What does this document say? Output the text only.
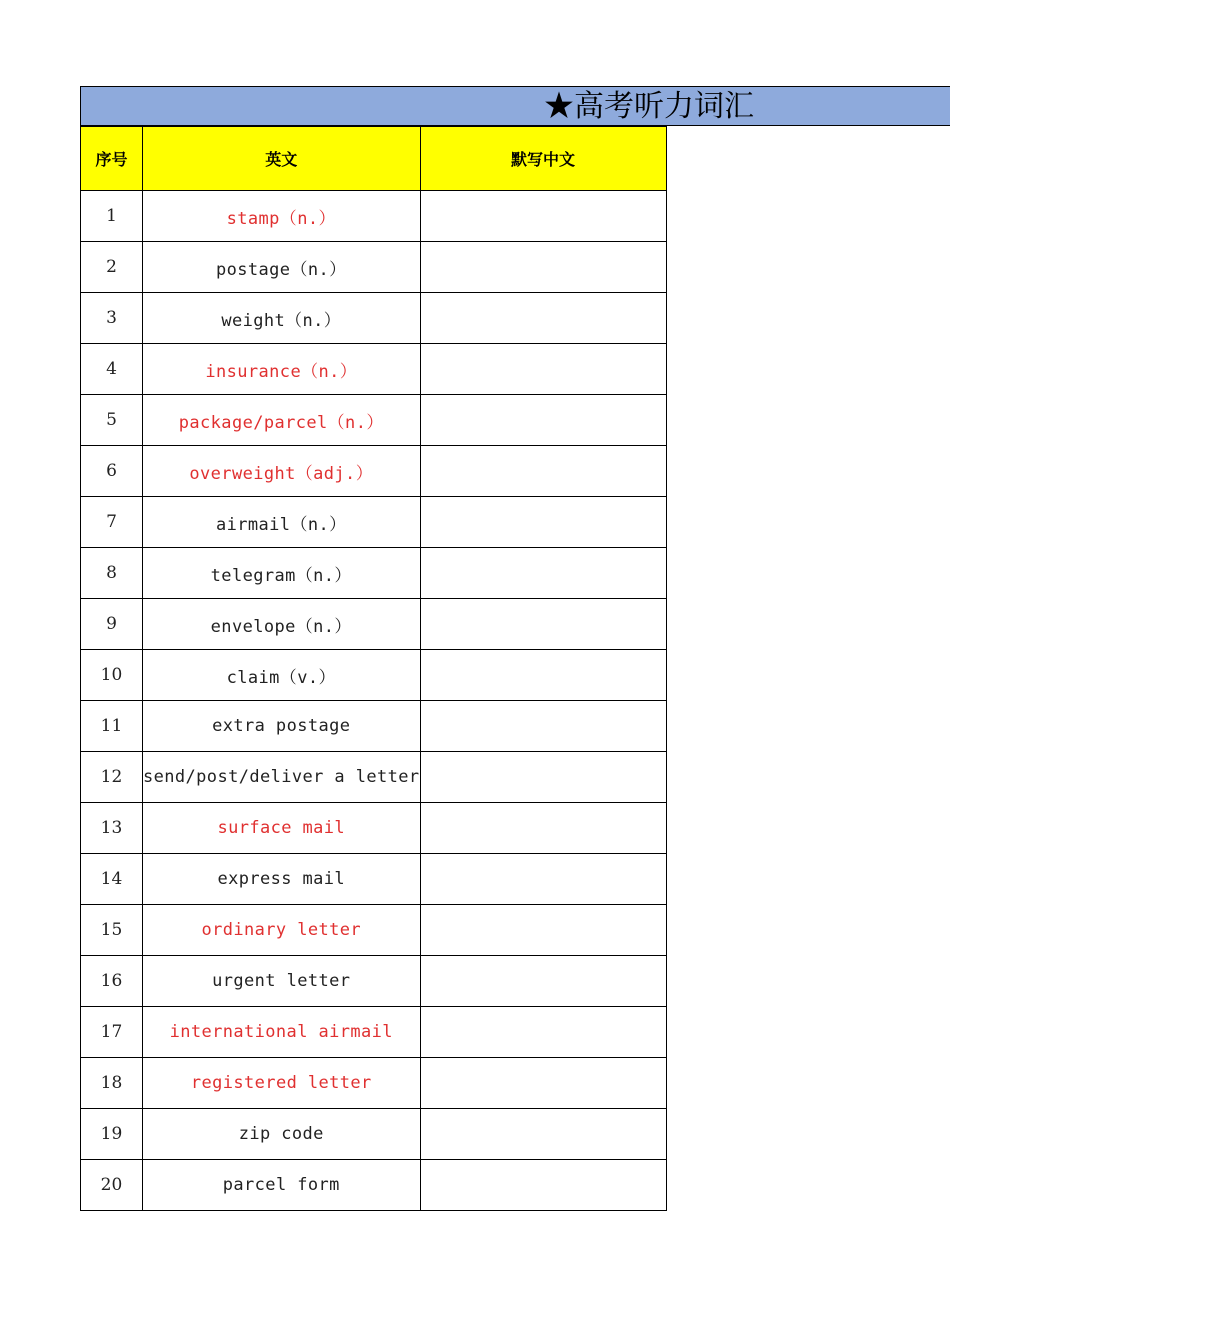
★高考听力词汇
序号	英文	默写中文
1	stamp（n.）	
2	postage（n.）	
3	weight（n.）	
4	insurance（n.）	
5	package/parcel（n.）	
6	overweight（adj.）	
7	airmail（n.）	
8	telegram（n.）	
9	envelope（n.）	
10	claim（v.）	
11	extra postage	
12	send/post/deliver a letter	
13	surface mail	
14	express mail	
15	ordinary letter	
16	urgent letter	
17	international airmail	
18	registered letter	
19	zip code	
20	parcel form	
